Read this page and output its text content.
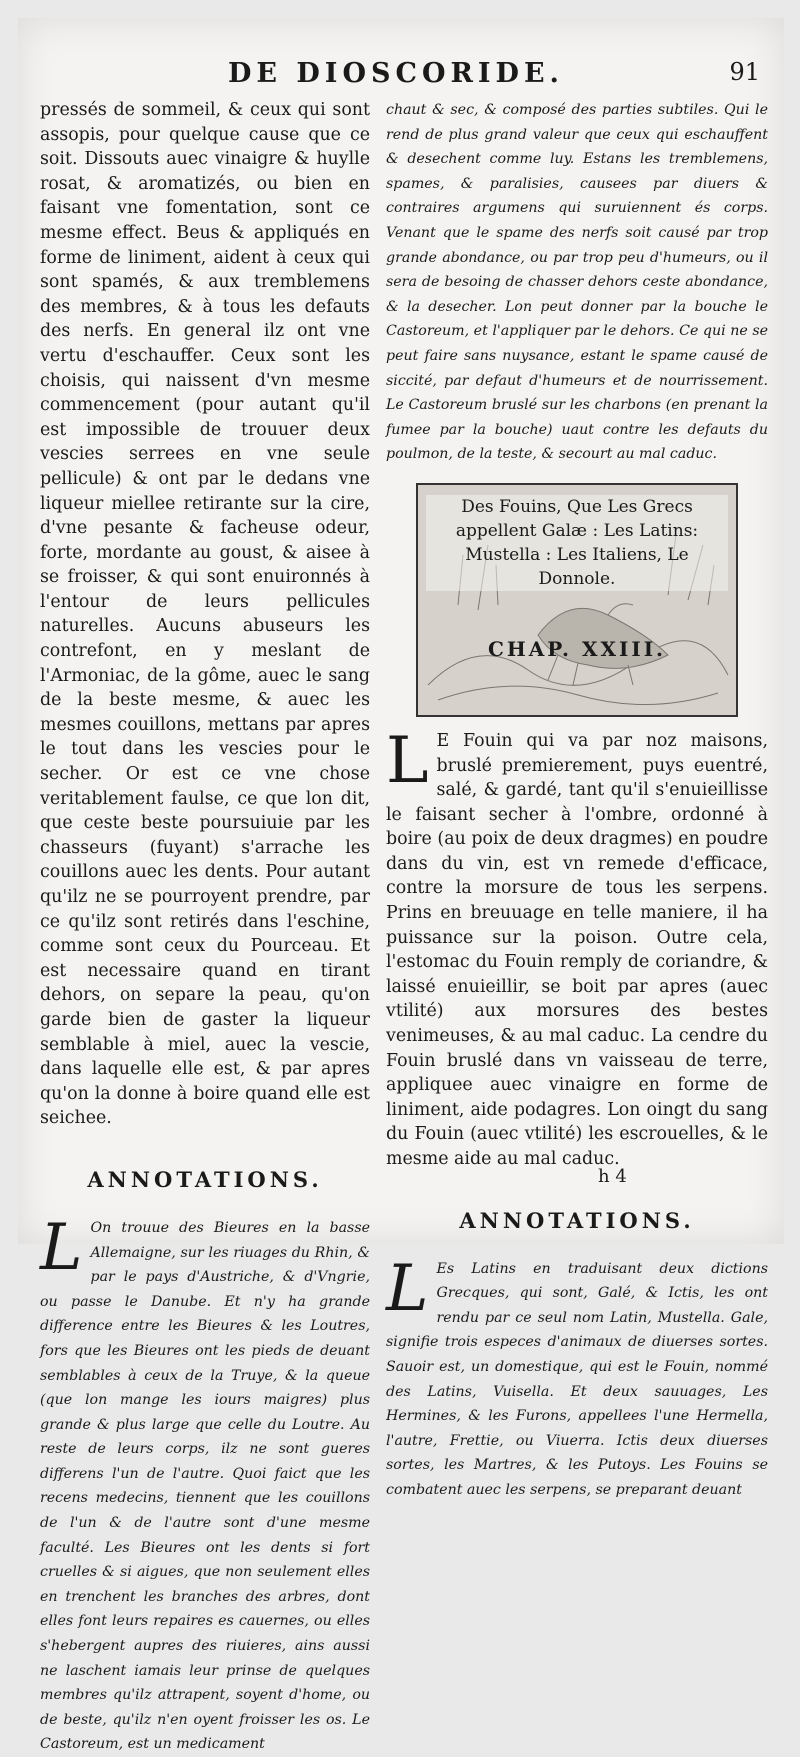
DE DIOSCORIDE.	91

pressés de sommeil, & ceux qui sont assopis, pour quelque cause que ce soit. Dissouts auec vinaigre & huylle rosat, & aromatizés, ou bien en faisant vne fomentation, sont ce mesme effect. Beus & appliqués en forme de liniment, aident à ceux qui sont spamés, & aux tremblemens des membres, & à tous les defauts des nerfs. En general ilz ont vne vertu d'eschauffer. Ceux sont les choisis, qui naissent d'vn mesme commencement (pour autant qu'il est impossible de trouuer deux vescies serrees en vne seule pellicule) & ont par le dedans vne liqueur miellee retirante sur la cire, d'vne pesante & facheuse odeur, forte, mordante au goust, & aisee à se froisser, & qui sont enuironnés à l'entour de leurs pellicules naturelles. Aucuns abuseurs les contrefont, en y meslant de l'Armoniac, de la gôme, auec le sang de la beste mesme, & auec les mesmes couillons, mettans par apres le tout dans les vescies pour le secher. Or est ce vne chose veritablement faulse, ce que lon dit, que ceste beste poursuiuie par les chasseurs (fuyant) s'arrache les couillons auec les dents. Pour autant qu'ilz ne se pourroyent prendre, par ce qu'ilz sont retirés dans l'eschine, comme sont ceux du Pourceau. Et est necessaire quand en tirant dehors, on separe la peau, qu'on garde bien de gaster la liqueur semblable à miel, auec la vescie, dans laquelle elle est, & par apres qu'on la donne à boire quand elle est seichee.

ANNOTATIONS.

L On trouue des Bieures en la basse Allemaigne, sur les riuages du Rhin, & par le pays d'Austriche, & d'Vngrie, ou passe le Danube. Et n'y ha grande difference entre les Bieures & les Loutres, fors que les Bieures ont les pieds de deuant semblables à ceux de la Truye, & la queue (que lon mange les iours maigres) plus grande & plus large que celle du Loutre. Au reste de leurs corps, ilz ne sont gueres differens l'un de l'autre. Quoi faict que les recens medecins, tiennent que les couillons de l'un & de l'autre sont d'une mesme faculté. Les Bieures ont les dents si fort cruelles & si aigues, que non seulement elles en trenchent les branches des arbres, dont elles font leurs repaires es cauernes, ou elles s'hebergent aupres des riuieres, ains aussi ne laschent iamais leur prinse de quelques membres qu'ilz attrapent, soyent d'home, ou de beste, qu'ilz n'en oyent froisser les os. Le Castoreum, est un medicament

chaut & sec, & composé des parties subtiles. Qui le rend de plus grand valeur que ceux qui eschauffent & desechent comme luy. Estans les tremblemens, spames, & paralisies, causees par diuers & contraires argumens qui suruiennent és corps. Venant que le spame des nerfs soit causé par trop grande abondance, ou par trop peu d'humeurs, ou il sera de besoing de chasser dehors ceste abondance, & la desecher. Lon peut donner par la bouche le Castoreum, et l'appliquer par le dehors. Ce qui ne se peut faire sans nuysance, estant le spame causé de siccité, par defaut d'humeurs et de nourrissement. Le Castoreum bruslé sur les charbons (en prenant la fumee par la bouche) uaut contre les defauts du poulmon, de la teste, & secourt au mal caduc.

Des Fouins, Que Les Grecs appellent Galæ : Les Latins: Mustella : Les Italiens, Le Donnole.
CHAP. XXIII.

L E Fouin qui va par noz maisons, bruslé premierement, puys euentré, salé, & gardé, tant qu'il s'enuieillisse le faisant secher à l'ombre, ordonné à boire (au poix de deux dragmes) en poudre dans du vin, est vn remede d'efficace, contre la morsure de tous les serpens. Prins en breuuage en telle maniere, il ha puissance sur la poison. Outre cela, l'estomac du Fouin remply de coriandre, & laissé enuieillir, se boit par apres (auec vtilité) aux morsures des bestes venimeuses, & au mal caduc. La cendre du Fouin bruslé dans vn vaisseau de terre, appliquee auec vinaigre en forme de liniment, aide podagres. Lon oingt du sang du Fouin (auec vtilité) les escrouelles, & le mesme aide au mal caduc.

ANNOTATIONS.

L Es Latins en traduisant deux dictions Grecques, qui sont, Galé, & Ictis, les ont rendu par ce seul nom Latin, Mustella. Gale, signifie trois especes d'animaux de diuerses sortes. Sauoir est, un domestique, qui est le Fouin, nommé des Latins, Vuisella. Et deux sauuages, Les Hermines, & les Furons, appellees l'une Hermella, l'autre, Frettie, ou Viuerra. Ictis deux diuerses sortes, les Martres, & les Putoys. Les Fouins se combatent auec les serpens, se preparant deuant

h 4
